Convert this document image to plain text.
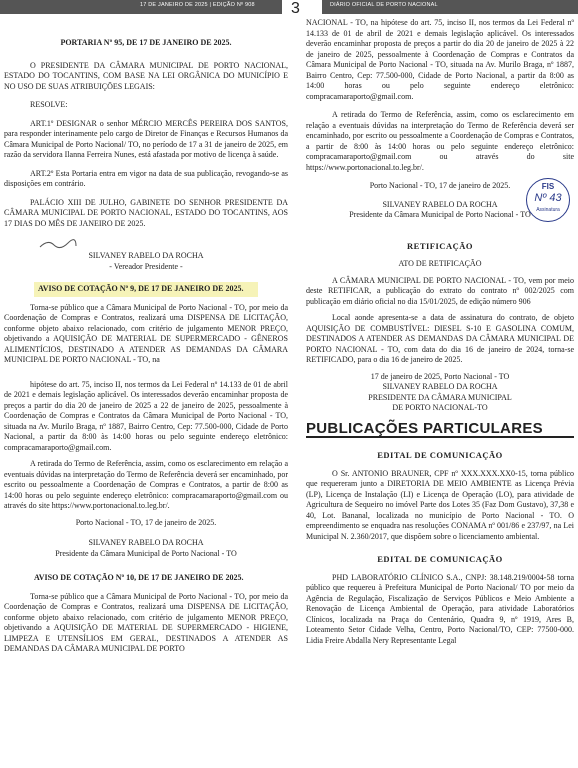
17 DE JANEIRO DE 2025 | EDIÇÃO Nº 908 3	DIÁRIO OFICIAL DE PORTO NACIONAL

PORTARIA Nº 95, DE 17 DE JANEIRO DE 2025.

O PRESIDENTE DA CÂMARA MUNICIPAL DE PORTO NACIONAL, ESTADO DO TOCANTINS, COM BASE NA LEI ORGÂNICA DO MUNICÍPIO E NO USO DE SUAS ATRIBUIÇÕES LEGAIS:

RESOLVE:

ART.1º DESIGNAR o senhor MÉRCIO MERCÊS PEREIRA DOS SANTOS, para responder interinamente pelo cargo de Diretor de Finanças e Recursos Humanos da Câmara Municipal de Porto Nacional/ TO, no período de 17 a 31 de janeiro de 2025, em razão da servidora Ilanna Ferreira Nunes, está afastada por motivo de licença à saúde.

ART.2º Esta Portaria entra em vigor na data de sua publicação, revogando-se as disposições em contrário.

PALÁCIO XIII DE JULHO, GABINETE DO SENHOR PRESIDENTE DA CÂMARA MUNICIPAL DE PORTO NACIONAL, ESTADO DO TOCANTINS, AOS 17 DIAS DO MÊS DE JANEIRO DE 2025.

SILVANEY RABELO DA ROCHA

- Vereador Presidente -

AVISO DE COTAÇÃO Nº 9, DE 17 DE JANEIRO DE 2025.

Torna-se público que a Câmara Municipal de Porto Nacional - TO, por meio da Coordenação de Compras e Contratos, realizará uma DISPENSA DE LICITAÇÃO, conforme objeto abaixo relacionado, com critério de julgamento MENOR PREÇO, objetivando a AQUISIÇÃO DE MATERIAL DE SUPERMERCADO - GÊNEROS ALIMENTÍCIOS, DESTINADO A ATENDER AS DEMANDAS DA CÂMARA MUNICIPAL DE PORTO NACIONAL - TO, na

hipótese do art. 75, inciso II, nos termos da Lei Federal nº 14.133 de 01 de abril de 2021 e demais legislação aplicável. Os interessados deverão encaminhar proposta de preços a partir do dia 20 de janeiro de 2025 a 22 de janeiro de 2025, pessoalmente à Coordenação de Compras e Contratos da Câmara Municipal de Porto Nacional - TO, situada na Av. Murilo Braga, nº 1887, Bairro Centro, Cep: 77.500-000, Cidade de Porto Nacional, a partir da 8:00 às 14:00 horas ou pelo seguinte endereço eletrônico: compracamaraporto@gmail.com.

A retirada do Termo de Referência, assim, como os esclarecimento em relação a eventuais dúvidas na interpretação do Termo de Referência deverá ser encaminhado, por escrito ou pessoalmente a Coordenação de Compras e Contratos, a partir de 8:00 as 14:00 horas ou pelo seguinte endereço eletrônico: compracamaraporto@gmail.com ou através do site https://www.portonacional.to.leg.br/.

Porto Nacional - TO, 17 de janeiro de 2025.

SILVANEY RABELO DA ROCHA

Presidente da Câmara Municipal de Porto Nacional - TO

AVISO DE COTAÇÃO Nº 10, DE 17 DE JANEIRO DE 2025.

Torna-se público que a Câmara Municipal de Porto Nacional - TO, por meio da Coordenação de Compras e Contratos, realizará uma DISPENSA DE LICITAÇÃO, conforme objeto abaixo relacionado, com critério de julgamento MENOR PREÇO, objetivando a AQUISIÇÃO DE MATERIAL DE SUPERMERCADO - HIGIENE, LIMPEZA E UTENSÍLIOS EM GERAL, DESTINADOS A ATENDER AS DEMANDAS DA CÂMARA MUNICIPAL DE PORTO

NACIONAL - TO, na hipótese do art. 75, inciso II, nos termos da Lei Federal nº 14.133 de 01 de abril de 2021 e demais legislação aplicável. Os interessados deverão encaminhar proposta de preços a partir do dia 20 de janeiro de 2025 à 22 de janeiro de 2025, pessoalmente à Coordenação de Compras e Contratos da Câmara Municipal de Porto Nacional - TO, situada na Av. Murilo Braga, nº 1887, Bairro Centro, Cep: 77.500-000, Cidade de Porto Nacional, a partir da 8:00 as 14:00 horas ou pelo seguinte endereço eletrônico: compracamaraporto@gmail.com.

A retirada do Termo de Referência, assim, como os esclarecimento em relação a eventuais dúvidas na interpretação do Termo de Referência deverá ser encaminhado, por escrito ou pessoalmente a Coordenação de Compras e Contratos, a partir de 8:00 às 14:00 horas ou pelo seguinte endereço eletrônico: compracamaraporto@gmail.com ou através do site https://www.portonacional.to.leg.br/.

Porto Nacional - TO, 17 de janeiro de 2025.

SILVANEY RABELO DA ROCHA

Presidente da Câmara Municipal de Porto Nacional - TO

RETIFICAÇÃO

ATO DE RETIFICAÇÃO

A CÂMARA MUNICIPAL DE PORTO NACIONAL - TO, vem por meio deste RETIFICAR, a publicação do extrato do contrato nº 002/2025 com publicação em diário oficial no dia 15/01/2025, de edição número 906

Local aonde apresenta-se a data de assinatura do contrato, de objeto AQUISIÇÃO DE COMBUSTÍVEL: DIESEL S-10 E GASOLINA COMUM, DESTINADOS A ATENDER AS DEMANDAS DA CÂMARA MUNICIPAL DE PORTO NACIONAL - TO, com data do dia 16 de janeiro de 2024, torna-se RETIFICADO, para o dia 16 de janeiro de 2025.

17 de janeiro de 2025, Porto Nacional - TO

SILVANEY RABELO DA ROCHA

PRESIDENTE DA CÂMARA MUNICIPAL

DE PORTO NACIONAL-TO

PUBLICAÇÕES PARTICULARES

EDITAL DE COMUNICAÇÃO

O Sr. ANTONIO BRAUNER, CPF nº XXX.XXX.XX0-15, torna público que requereram junto a DIRETORIA DE MEIO AMBIENTE as Licença Prévia (LP), Licença de Instalação (LI) e Licença de Operação (LO), para atividade de Agricultura de Sequeiro no imóvel Parte dos Lotes 35 (Faz Dom Gustavo), 37,38 e 40, Lot. Bananal, localizada no município de Porto Nacional - TO. O empreendimento se enquadra nas resoluções CONAMA nº 001/86 e 237/97, na Lei Municipal N. 2.360/2017, que dispõem sobre o licenciamento ambiental.

EDITAL DE COMUNICAÇÃO

PHD LABORATÓRIO CLÍNICO S.A., CNPJ: 38.148.219/0004-58 torna público que requereu à Prefeitura Municipal de Porto Nacional/ TO por meio da Agência de Regulação, Fiscalização de Serviços Públicos e Meio Ambiente a Renovação de Licença Ambiental de Operação, para atividade Laboratórios Clínicos, localizada na Praça do Centenário, Quadra 9, nº 1919, Ares B, Loteamento Setor Cidade Velha, Centro, Porto Nacional/TO, CEP: 77500-000. Lidia Freire Abdalla Nery Representante Legal

FIS
Nº 43
Assinatura
